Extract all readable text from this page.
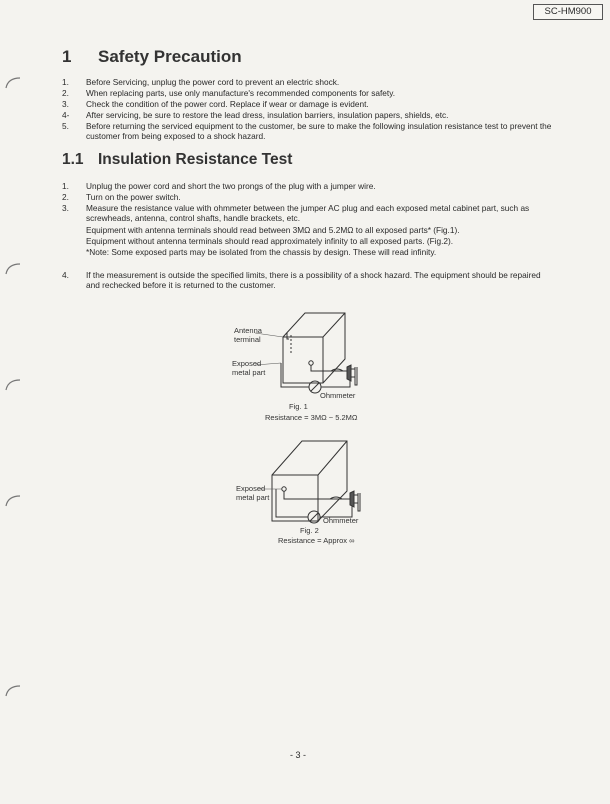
SC-HM900
1 Safety Precaution
1.	Before Servicing, unplug the power cord to prevent an electric shock.
2.	When replacing parts, use only manufacture's recommended components for safety.
3.	Check the condition of the power cord. Replace if wear or damage is evident.
4-	After servicing, be sure to restore the lead dress, insulation barriers, insulation papers, shields, etc.
5.	Before returning the serviced equipment to the customer, be sure to make the following insulation resistance test to prevent the customer from being exposed to a shock hazard.
1.1 Insulation Resistance Test
1.	Unplug the power cord and short the two prongs of the plug with a jumper wire.
2.	Turn on the power switch.
3.	Measure the resistance value with ohmmeter between the jumper AC plug and each exposed metal cabinet part, such as screwheads, antenna, control shafts, handle brackets, etc.
Equipment with antenna terminals should read between 3MΩ and 5.2MΩ to all exposed parts* (Fig.1).
Equipment without antenna terminals should read approximately infinity to all exposed parts. (Fig.2).
*Note: Some exposed parts may be isolated from the chassis by design. These will read infinity.
4.	If the measurement is outside the specified limits, there is a possibility of a shock hazard. The equipment should be repaired and rechecked before it is returned to the customer.
Antenna terminal
Exposed metal part
Ohmmeter
Fig. 1
Resistance = 3MΩ ~ 5.2MΩ
Exposed metal part
Ohmmeter
Fig. 2
Resistance = Approx ∞
- 3 -
